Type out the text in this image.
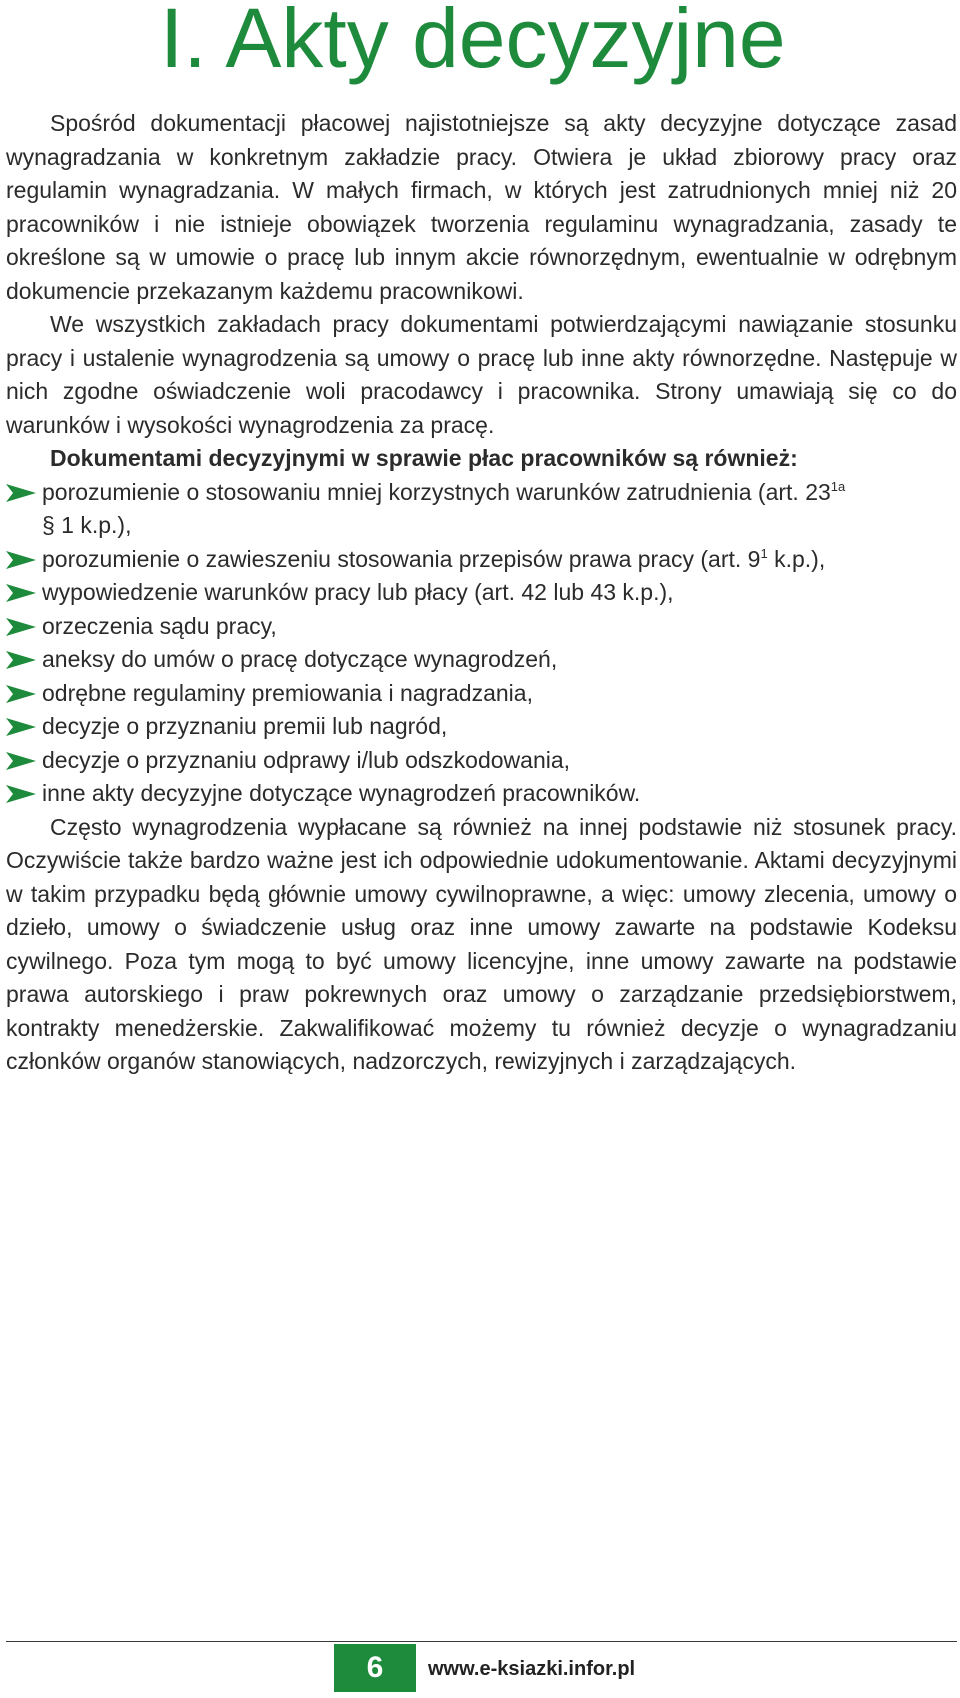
I. Akty decyzyjne

Spośród dokumentacji płacowej najistotniejsze są akty decyzyjne dotyczące zasad wynagradzania w konkretnym zakładzie pracy. Otwiera je układ zbiorowy pracy oraz regulamin wynagradzania. W małych firmach, w których jest zatrudnionych mniej niż 20 pracowników i nie istnieje obowiązek tworzenia regulaminu wynagradzania, zasady te określone są w umowie o pracę lub innym akcie równorzędnym, ewentualnie w odrębnym dokumencie przekazanym każdemu pracownikowi.

We wszystkich zakładach pracy dokumentami potwierdzającymi nawiązanie stosunku pracy i ustalenie wynagrodzenia są umowy o pracę lub inne akty równorzędne. Następuje w nich zgodne oświadczenie woli pracodawcy i pracownika. Strony umawiają się co do warunków i wysokości wynagrodzenia za pracę.

Dokumentami decyzyjnymi w sprawie płac pracowników są również:

porozumienie o stosowaniu mniej korzystnych warunków zatrudnienia (art. $23^{1a}$
§ 1 k.p.),
porozumienie o zawieszeniu stosowania przepisów prawa pracy (art. $9^1$ k.p.),
wypowiedzenie warunków pracy lub płacy (art. 42 lub 43 k.p.),
orzeczenia sądu pracy,
aneksy do umów o pracę dotyczące wynagrodzeń,
odrębne regulaminy premiowania i nagradzania,
decyzje o przyznaniu premii lub nagród,
decyzje o przyznaniu odprawy i/lub odszkodowania,
inne akty decyzyjne dotyczące wynagrodzeń pracowników.

Często wynagrodzenia wypłacane są również na innej podstawie niż stosunek pracy. Oczywiście także bardzo ważne jest ich odpowiednie udokumentowanie. Aktami decyzyjnymi w takim przypadku będą głównie umowy cywilnoprawne, a więc: umowy zlecenia, umowy o dzieło, umowy o świadczenie usług oraz inne umowy zawarte na podstawie Kodeksu cywilnego. Poza tym mogą to być umowy licencyjne, inne umowy zawarte na podstawie prawa autorskiego i praw pokrewnych oraz umowy o zarządzanie przedsiębiorstwem, kontrakty menedżerskie. Zakwalifikować możemy tu również decyzje o wynagradzaniu członków organów stanowiących, nadzorczych, rewizyjnych i zarządzających.

6	www.e-ksiazki.infor.pl
